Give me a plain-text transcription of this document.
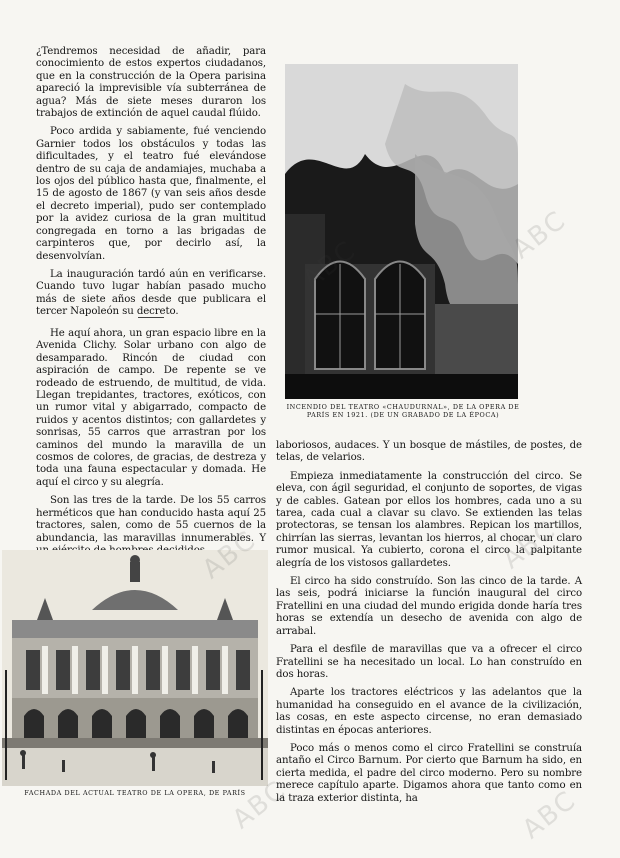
¿Tendremos necesidad de añadir, para conocimiento de estos expertos ciudadanos, que en la construcción de la Opera parisina apareció la imprevisible vía subterránea de agua? Más de siete meses duraron los trabajos de extinción de aquel caudal flúido.

Poco ardida y sabiamente, fué venciendo Garnier todos los obstáculos y todas las dificultades, y el teatro fué elevándose dentro de su caja de andamiajes, muchaba a los ojos del público hasta que, finalmente, el 15 de agosto de 1867 (y van seis años desde el decreto imperial), pudo ser contemplado por la avidez curiosa de la gran multitud congregada en torno a las brigadas de carpinteros que, por decirlo así, la desenvolvían.

La inauguración tardó aún en verificarse. Cuando tuvo lugar habían pasado mucho más de siete años desde que publicara el tercer Napoleón su decreto.

He aquí ahora, un gran espacio libre en la Avenida Clichy. Solar urbano con algo de desamparado. Rincón de ciudad con aspiración de campo. De repente se ve rodeado de estruendo, de multitud, de vida. Llegan trepidantes, tractores, exóticos, con un rumor vital y abigarrado, compacto de ruidos y acentos distintos; con gallardetes y sonrisas, 55 carros que arrastran por los caminos del mundo la maravilla de un cosmos de colores, de gracias, de destreza y toda una fauna espectacular y domada. He aquí el circo y su alegría.

Son las tres de la tarde. De los 55 carros herméticos que han conducido hasta aquí 25 tractores, salen, como de 55 cuernos de la abundancia, las maravillas innumerables. Y

INCENDIO DEL TEATRO «CHAUDURNAL», DE LA OPERA DE PARÍS EN 1921. (DE UN GRABADO DE LA ÉPOCA)

laboriosos, audaces. Y un bosque de mástiles, de postes, de telas, de velarios.

Empieza inmediatamente la construcción del circo. Se eleva, con ágil seguridad, el conjunto de soportes, de vigas y de cables. Gatean por ellos los hombres, cada uno a su tarea, cada cual a clavar su clavo. Se extienden las telas protectoras, se tensan los alambres. Repican los martillos, chirrían las sierras, levantan los hierros, al chocar, un claro rumor musical. Ya cubierto, corona el circo la palpitante alegría de los vistosos gallardetes.

El circo ha sido construído. Son las cinco de la tarde. A las seis, podrá iniciarse la función inaugural del circo Fratellini en una ciudad del mundo erigida donde haría tres horas se extendía un desecho de avenida con algo de arrabal.

Para el desfile de maravillas que va a ofrecer el circo Fratellini se ha necesitado un local. Lo han construído en dos horas.

Aparte los tractores eléctricos y las adelantos que la humanidad ha conseguido en el avance de la civilización, las cosas, en este aspecto circense, no eran demasiado distintas en épocas anteriores.

Poco más o menos como el circo Fratellini se construía antaño el Circo Barnum. Por cierto que Barnum ha sido, en cierta medida, el padre del circo moderno. Pero su nombre merece capítulo aparte. Digamos ahora que tanto como en la traza exterior distinta, ha

FACHADA DEL ACTUAL TEATRO DE LA OPERA, DE PARÍS
ABC
ABC
ABC	ABC
